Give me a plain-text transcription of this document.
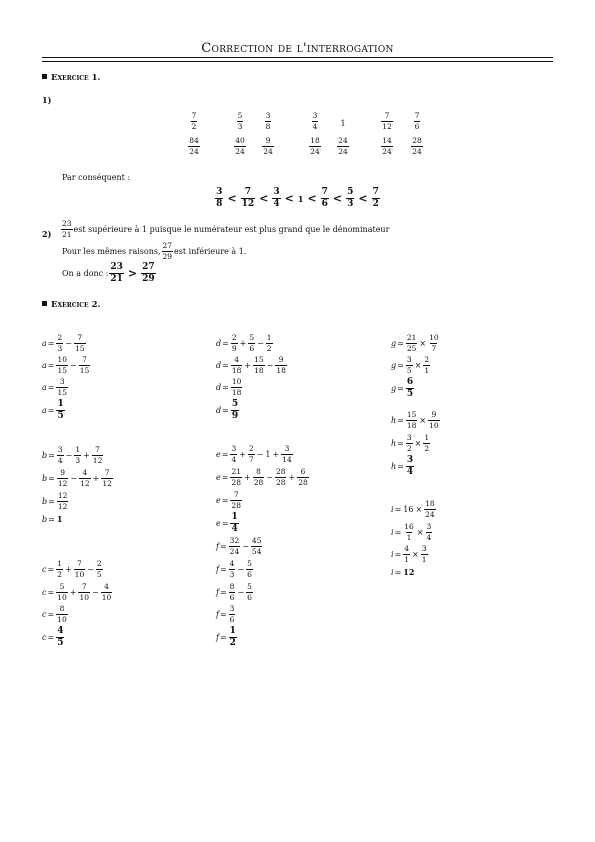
Correction de l'interrogation
Exercice 1.
1)
$\frac{7}{2}$
$\frac{84}{24}$
$\frac{5}{3}$
$\frac{40}{24}$
$\frac{3}{8}$
$\frac{9}{24}$
$\frac{3}{4}$
$\frac{18}{24}$
1
$\frac{24}{24}$
$\frac{7}{12}$
$\frac{14}{24}$
$\frac{7}{6}$
$\frac{28}{24}$
Par conséquent :
$\frac{3}{8} < \frac{7}{12} < \frac{3}{4} < 1 < \frac{7}{6} < \frac{5}{3} < \frac{7}{2}$
$2) \frac{23}{21}$ est supérieure à 1 puisque le numérateur est plus grand que le dénominateur
Pour les mêmes raisons, $\frac{27}{29}$ est inférieure à 1.
On a donc : $\frac{23}{21} > \frac{27}{29}$
Exercice 2.
$a = \frac{2}{3} - \frac{7}{15}$
$a = \frac{10}{15} - \frac{7}{15}$
$a = \frac{3}{15}$
$a = \frac{1}{5}$
$b = \frac{3}{4} - \frac{1}{3} + \frac{7}{12}$
$b = \frac{9}{12} - \frac{4}{12} + \frac{7}{12}$
$b = \frac{12}{12}$
b = 1
$c = \frac{1}{2} + \frac{7}{10} - \frac{2}{5}$
$c = \frac{5}{10} + \frac{7}{10} - \frac{4}{10}$
$c = \frac{8}{10}$
$c = \frac{4}{5}$
$d = \frac{2}{9} + \frac{5}{6} - \frac{1}{2}$
$d = \frac{4}{18} + \frac{15}{18} - \frac{9}{18}$
$d = \frac{10}{18}$
$d = \frac{5}{9}$
$e = \frac{3}{4} + \frac{2}{7} - 1 + \frac{3}{14}$
$e = \frac{21}{28} + \frac{8}{28} - \frac{28}{28} + \frac{6}{28}$
$e = \frac{7}{28}$
$e = \frac{1}{4}$
$f = \frac{32}{24} - \frac{45}{54}$
$f = \frac{4}{3} - \frac{5}{6}$
$f = \frac{8}{6} - \frac{5}{6}$
$f = \frac{3}{6}$
$f = \frac{1}{2}$
$g = \frac{21}{25} \times \frac{10}{7}$
$g = \frac{3}{5} \times \frac{2}{1}$
$g = \frac{6}{5}$
$h = \frac{15}{18} \times \frac{9}{10}$
$h = \frac{3}{2} \times \frac{1}{2}$
$h = \frac{3}{4}$
$i = 16 \times \frac{18}{24}$
$i = \frac{16}{1} \times \frac{3}{4}$
$i = \frac{4}{1} \times \frac{3}{1}$
i = 12
